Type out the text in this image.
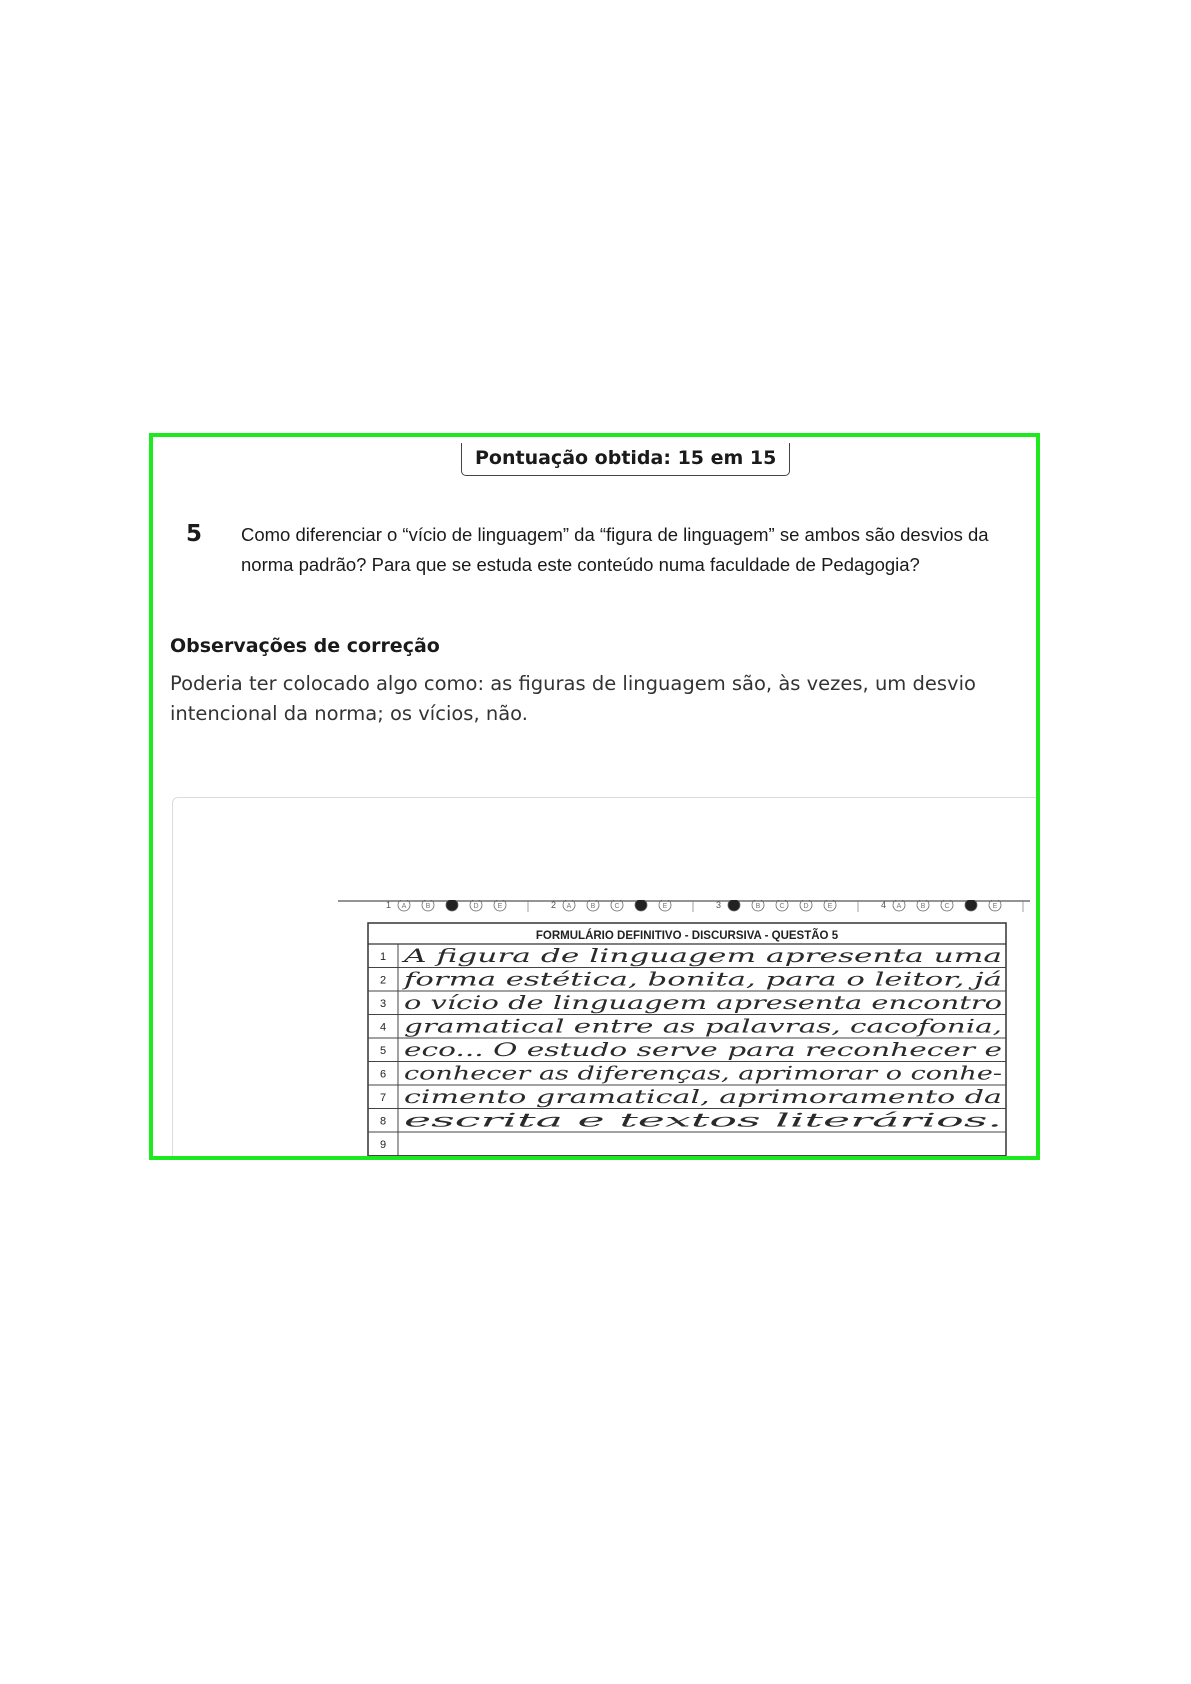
Pontuação obtida: 15 em 15
5 Como diferenciar o “vício de linguagem” da “figura de linguagem” se ambos são desvios da norma padrão? Para que se estuda este conteúdo numa faculdade de Pedagogia?
Observações de correção
Poderia ter colocado algo como: as figuras de linguagem são, às vezes, um desvio intencional da norma; os vícios, não.
1 A	B	D	E	2 A	B	C	E	3	B	C	D	E	4 A	B	C	E
FORMULÁRIO DEFINITIVO - DISCURSIVA - QUESTÃO 5
1 A figura de linguagem apresenta uma
2 forma estética, bonita, para o leitor, já
3 o vício de linguagem apresenta encontro
4 gramatical entre as palavras, cacofonia,
5 eco... O estudo serve para reconhecer e
6 conhecer as diferenças, aprimorar o conhe-
7 cimento gramatical, aprimoramento da
8 escrita e textos literários.
9
10
